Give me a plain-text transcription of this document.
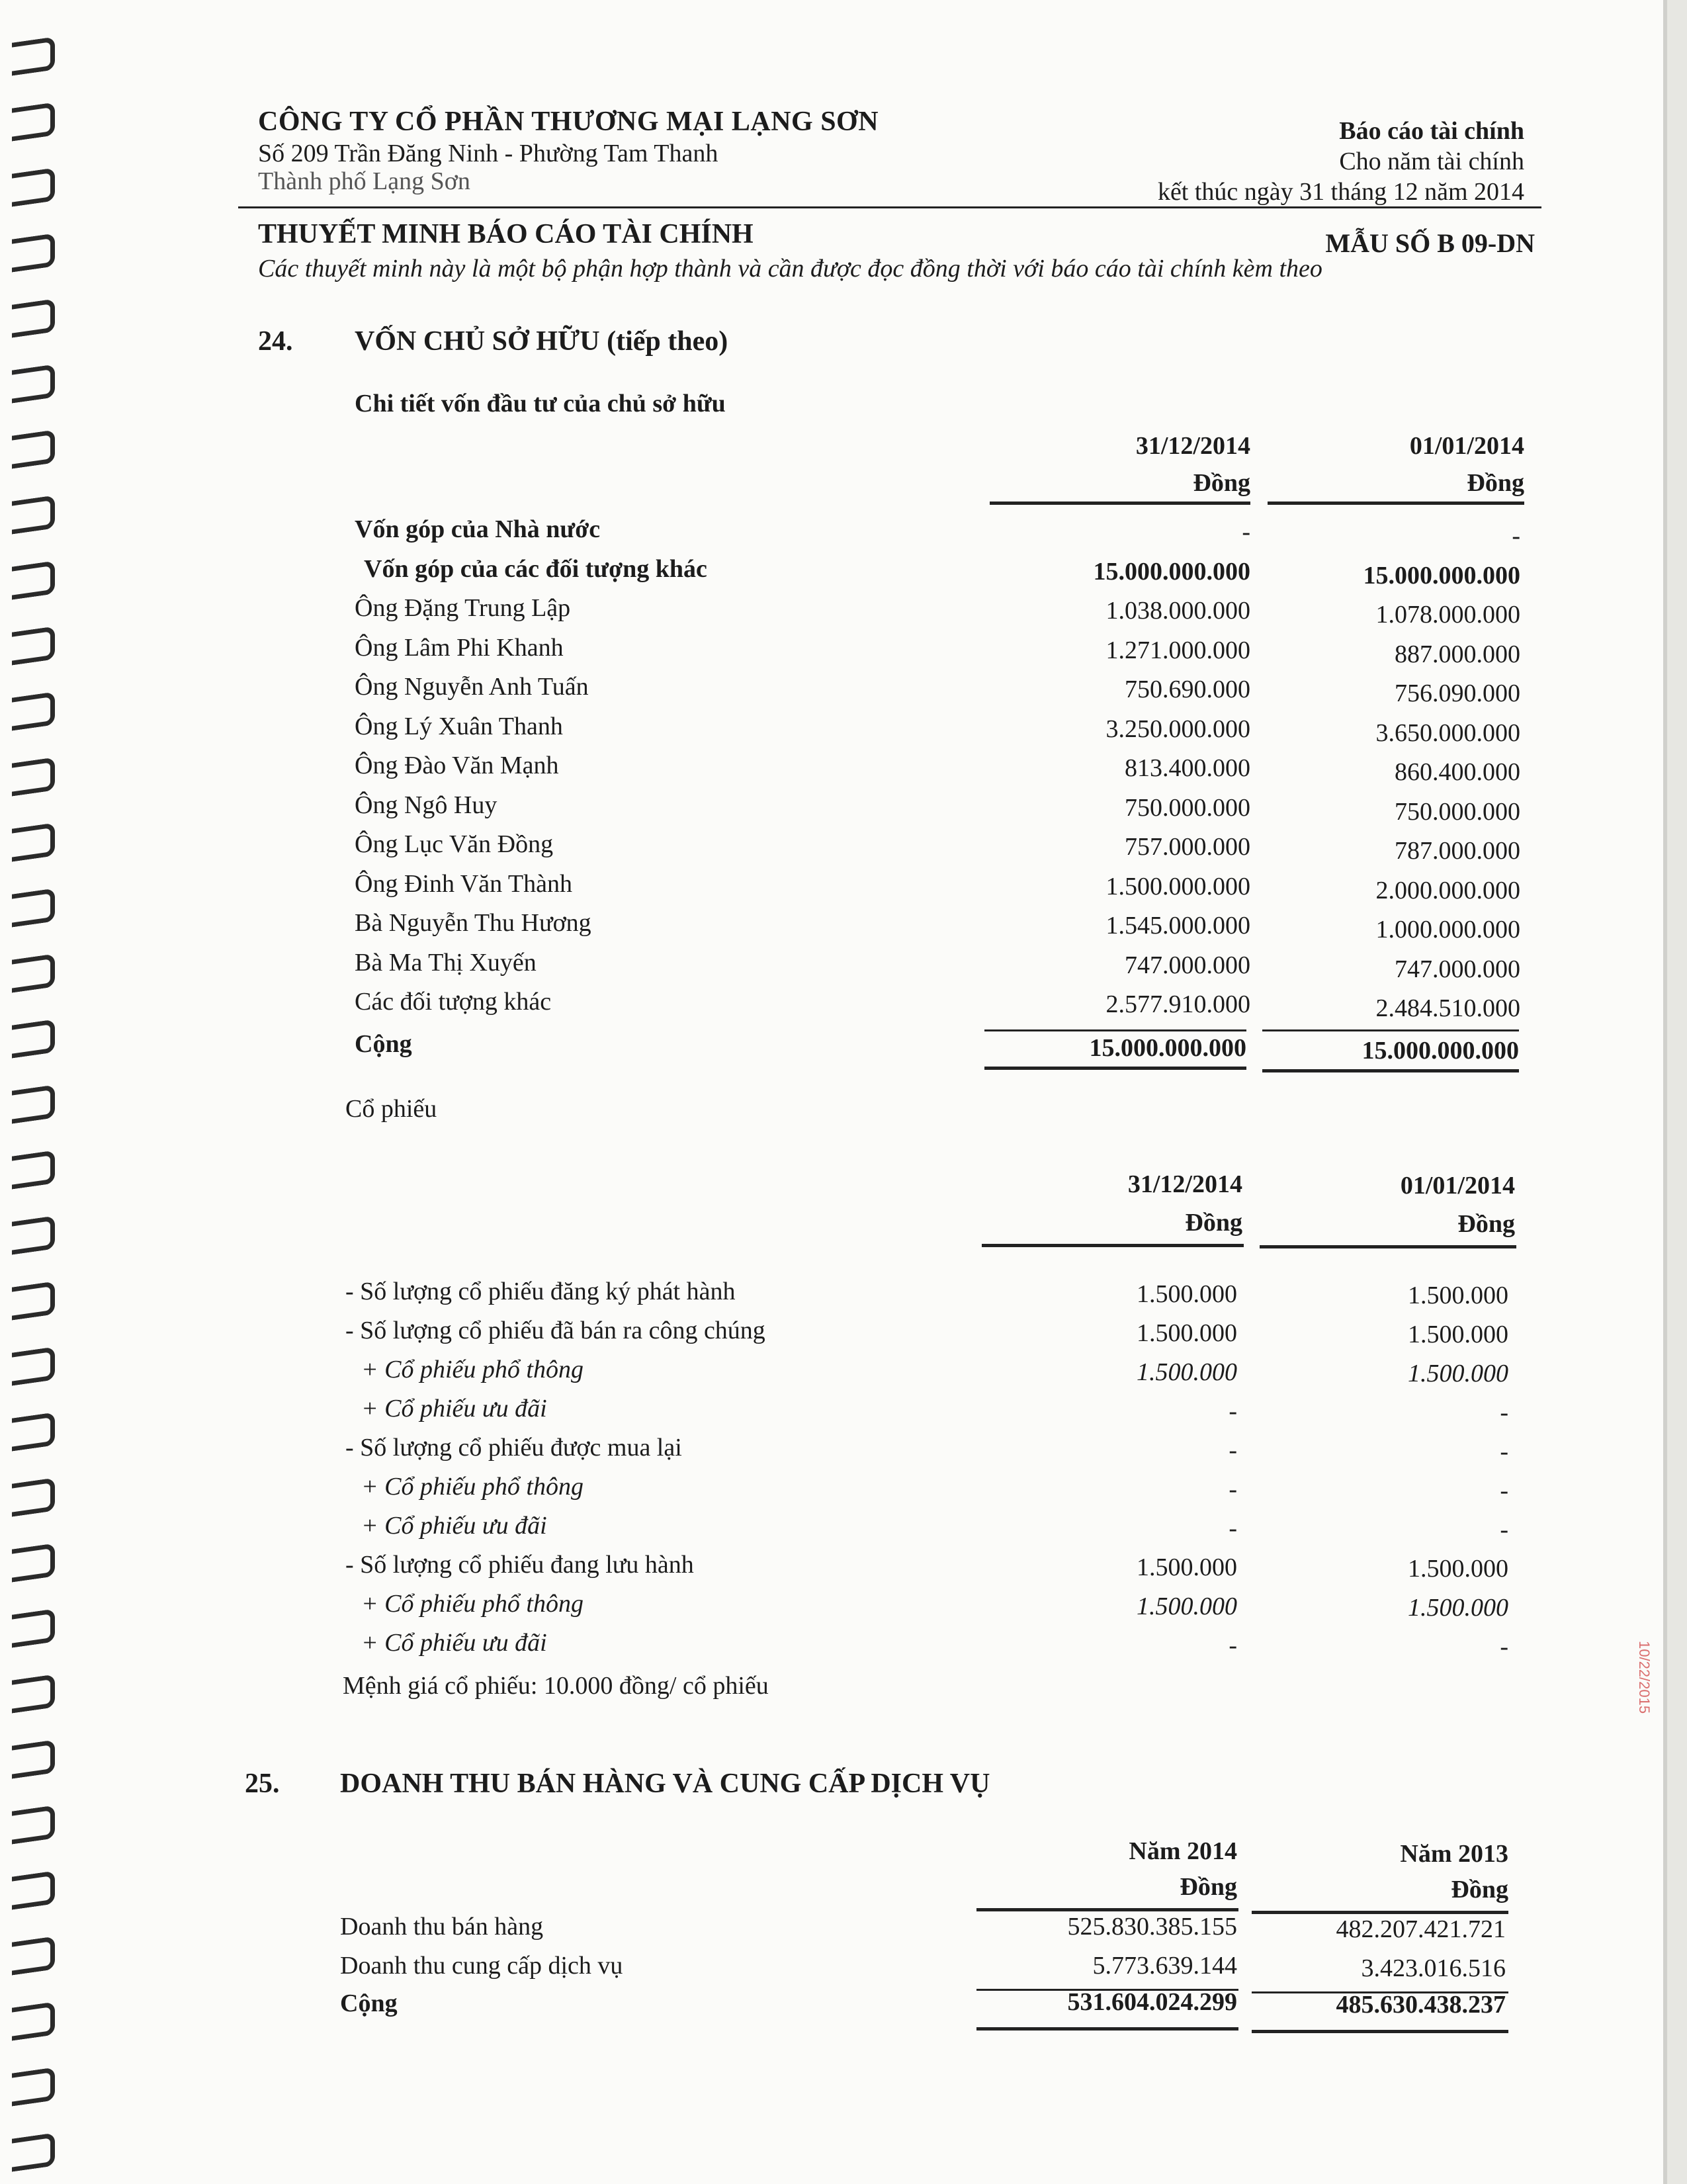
10/22/2015
CÔNG TY CỔ PHẦN THƯƠNG MẠI LẠNG SƠN
Số 209 Trần Đăng Ninh - Phường Tam Thanh
Thành phố Lạng Sơn
Báo cáo tài chính
Cho năm tài chính
kết thúc ngày 31 tháng 12 năm 2014
THUYẾT MINH BÁO CÁO TÀI CHÍNH	MẪU SỐ B 09-DN
Các thuyết minh này là một bộ phận hợp thành và cần được đọc đồng thời với báo cáo tài chính kèm theo
24. VỐN CHỦ SỞ HỮU (tiếp theo)
Chi tiết vốn đầu tư của chủ sở hữu
31/12/2014	01/01/2014
Đồng	Đồng
Vốn góp của Nhà nước	-	-
Vốn góp của các đối tượng khác	15.000.000.000	15.000.000.000
Ông Đặng Trung Lập	1.038.000.000	1.078.000.000
Ông Lâm Phi Khanh	1.271.000.000	887.000.000
Ông Nguyễn Anh Tuấn	750.690.000	756.090.000
Ông Lý Xuân Thanh	3.250.000.000	3.650.000.000
Ông Đào Văn Mạnh	813.400.000	860.400.000
Ông Ngô Huy	750.000.000	750.000.000
Ông Lục Văn Đồng	757.000.000	787.000.000
Ông Đinh Văn Thành	1.500.000.000	2.000.000.000
Bà Nguyễn Thu Hương	1.545.000.000	1.000.000.000
Bà Ma Thị Xuyến	747.000.000	747.000.000
Các đối tượng khác	2.577.910.000	2.484.510.000
Cộng	15.000.000.000	15.000.000.000
Cổ phiếu
31/12/2014	01/01/2014
Đồng	Đồng
- Số lượng cổ phiếu đăng ký phát hành	1.500.000	1.500.000
- Số lượng cổ phiếu đã bán ra công chúng	1.500.000	1.500.000
+ Cổ phiếu phổ thông	1.500.000	1.500.000
+ Cổ phiếu ưu đãi	-	-
- Số lượng cổ phiếu được mua lại	-	-
+ Cổ phiếu phổ thông	-	-
+ Cổ phiếu ưu đãi	-	-
- Số lượng cổ phiếu đang lưu hành	1.500.000	1.500.000
+ Cổ phiếu phổ thông	1.500.000	1.500.000
+ Cổ phiếu ưu đãi	-	-
Mệnh giá cổ phiếu: 10.000 đồng/ cổ phiếu
25. DOANH THU BÁN HÀNG VÀ CUNG CẤP DỊCH VỤ
Năm 2014	Năm 2013
Đồng	Đồng
Doanh thu bán hàng	525.830.385.155	482.207.421.721
Doanh thu cung cấp dịch vụ	5.773.639.144	3.423.016.516
Cộng	531.604.024.299	485.630.438.237
